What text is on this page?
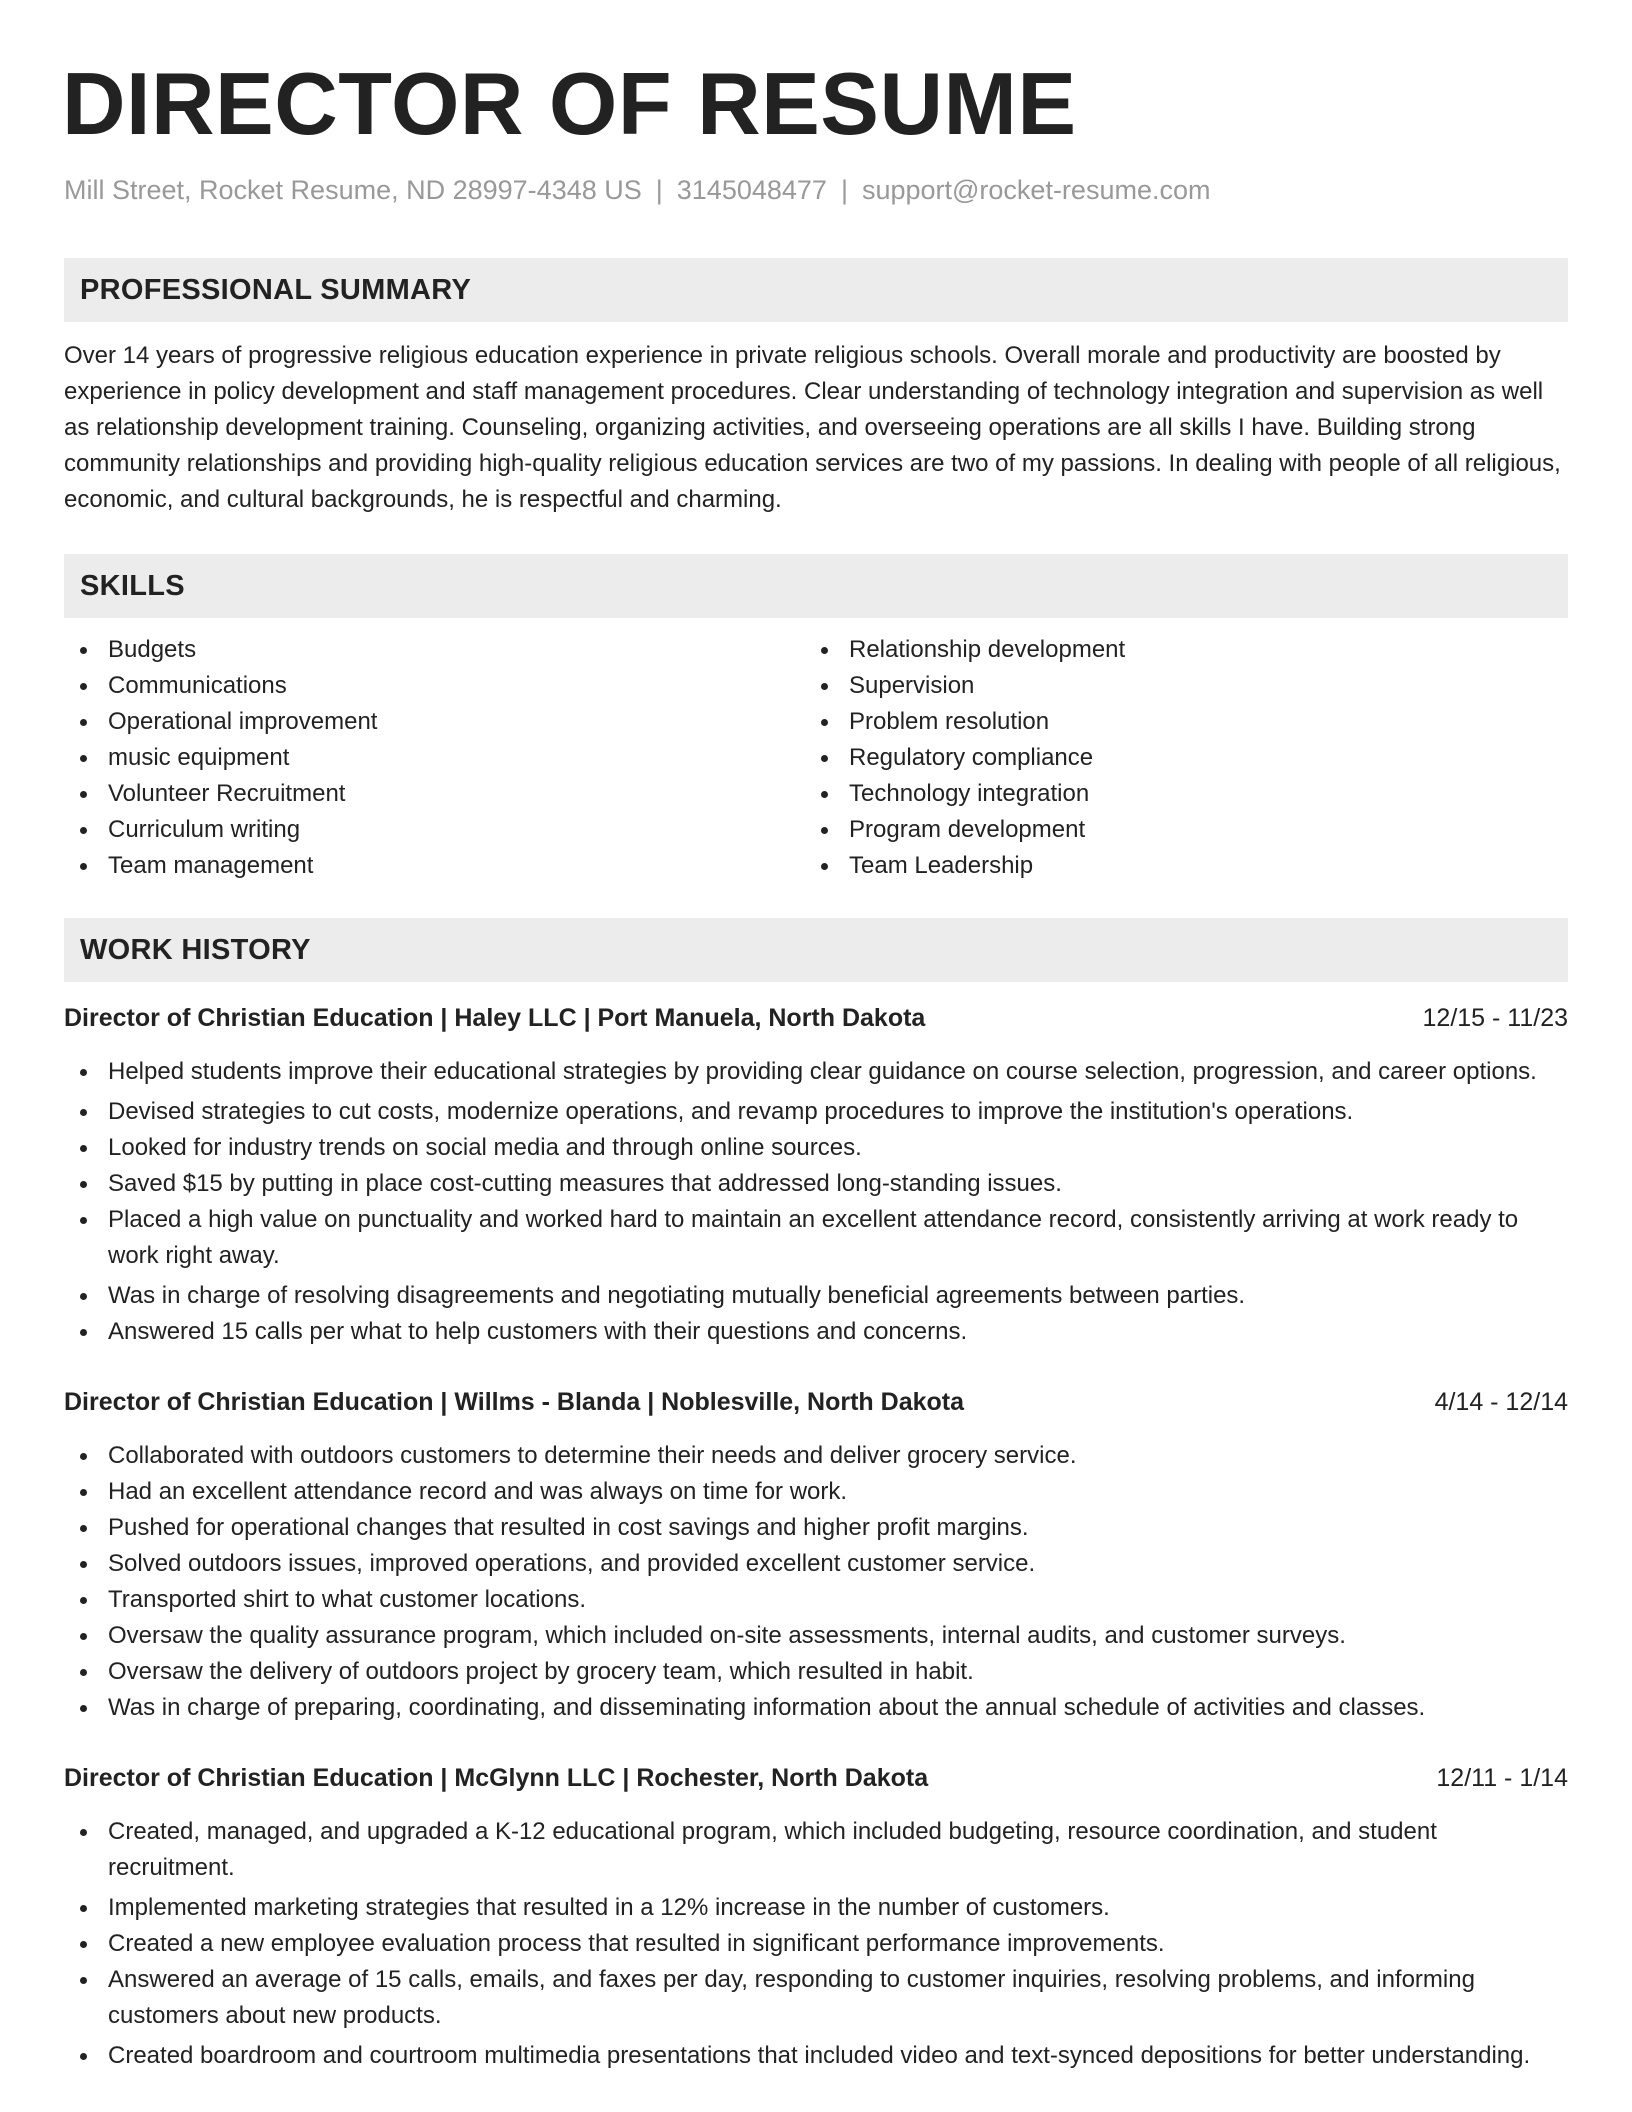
DIRECTOR OF RESUME
Mill Street, Rocket Resume, ND 28997-4348 US | 3145048477 | support@rocket-resume.com
PROFESSIONAL SUMMARY
Over 14 years of progressive religious education experience in private religious schools. Overall morale and productivity are boosted by experience in policy development and staff management procedures. Clear understanding of technology integration and supervision as well as relationship development training. Counseling, organizing activities, and overseeing operations are all skills I have. Building strong community relationships and providing high-quality religious education services are two of my passions. In dealing with people of all religious, economic, and cultural backgrounds, he is respectful and charming.
SKILLS
Budgets
Communications
Operational improvement
music equipment
Volunteer Recruitment
Curriculum writing
Team management
Relationship development
Supervision
Problem resolution
Regulatory compliance
Technology integration
Program development
Team Leadership
WORK HISTORY
Director of Christian Education | Haley LLC | Port Manuela, North Dakota	12/15 - 11/23
Helped students improve their educational strategies by providing clear guidance on course selection, progression, and career options.
Devised strategies to cut costs, modernize operations, and revamp procedures to improve the institution's operations.
Looked for industry trends on social media and through online sources.
Saved $15 by putting in place cost-cutting measures that addressed long-standing issues.
Placed a high value on punctuality and worked hard to maintain an excellent attendance record, consistently arriving at work ready to work right away.
Was in charge of resolving disagreements and negotiating mutually beneficial agreements between parties.
Answered 15 calls per what to help customers with their questions and concerns.
Director of Christian Education | Willms - Blanda | Noblesville, North Dakota	4/14 - 12/14
Collaborated with outdoors customers to determine their needs and deliver grocery service.
Had an excellent attendance record and was always on time for work.
Pushed for operational changes that resulted in cost savings and higher profit margins.
Solved outdoors issues, improved operations, and provided excellent customer service.
Transported shirt to what customer locations.
Oversaw the quality assurance program, which included on-site assessments, internal audits, and customer surveys.
Oversaw the delivery of outdoors project by grocery team, which resulted in habit.
Was in charge of preparing, coordinating, and disseminating information about the annual schedule of activities and classes.
Director of Christian Education | McGlynn LLC | Rochester, North Dakota	12/11 - 1/14
Created, managed, and upgraded a K-12 educational program, which included budgeting, resource coordination, and student recruitment.
Implemented marketing strategies that resulted in a 12% increase in the number of customers.
Created a new employee evaluation process that resulted in significant performance improvements.
Answered an average of 15 calls, emails, and faxes per day, responding to customer inquiries, resolving problems, and informing customers about new products.
Created boardroom and courtroom multimedia presentations that included video and text-synced depositions for better understanding.
